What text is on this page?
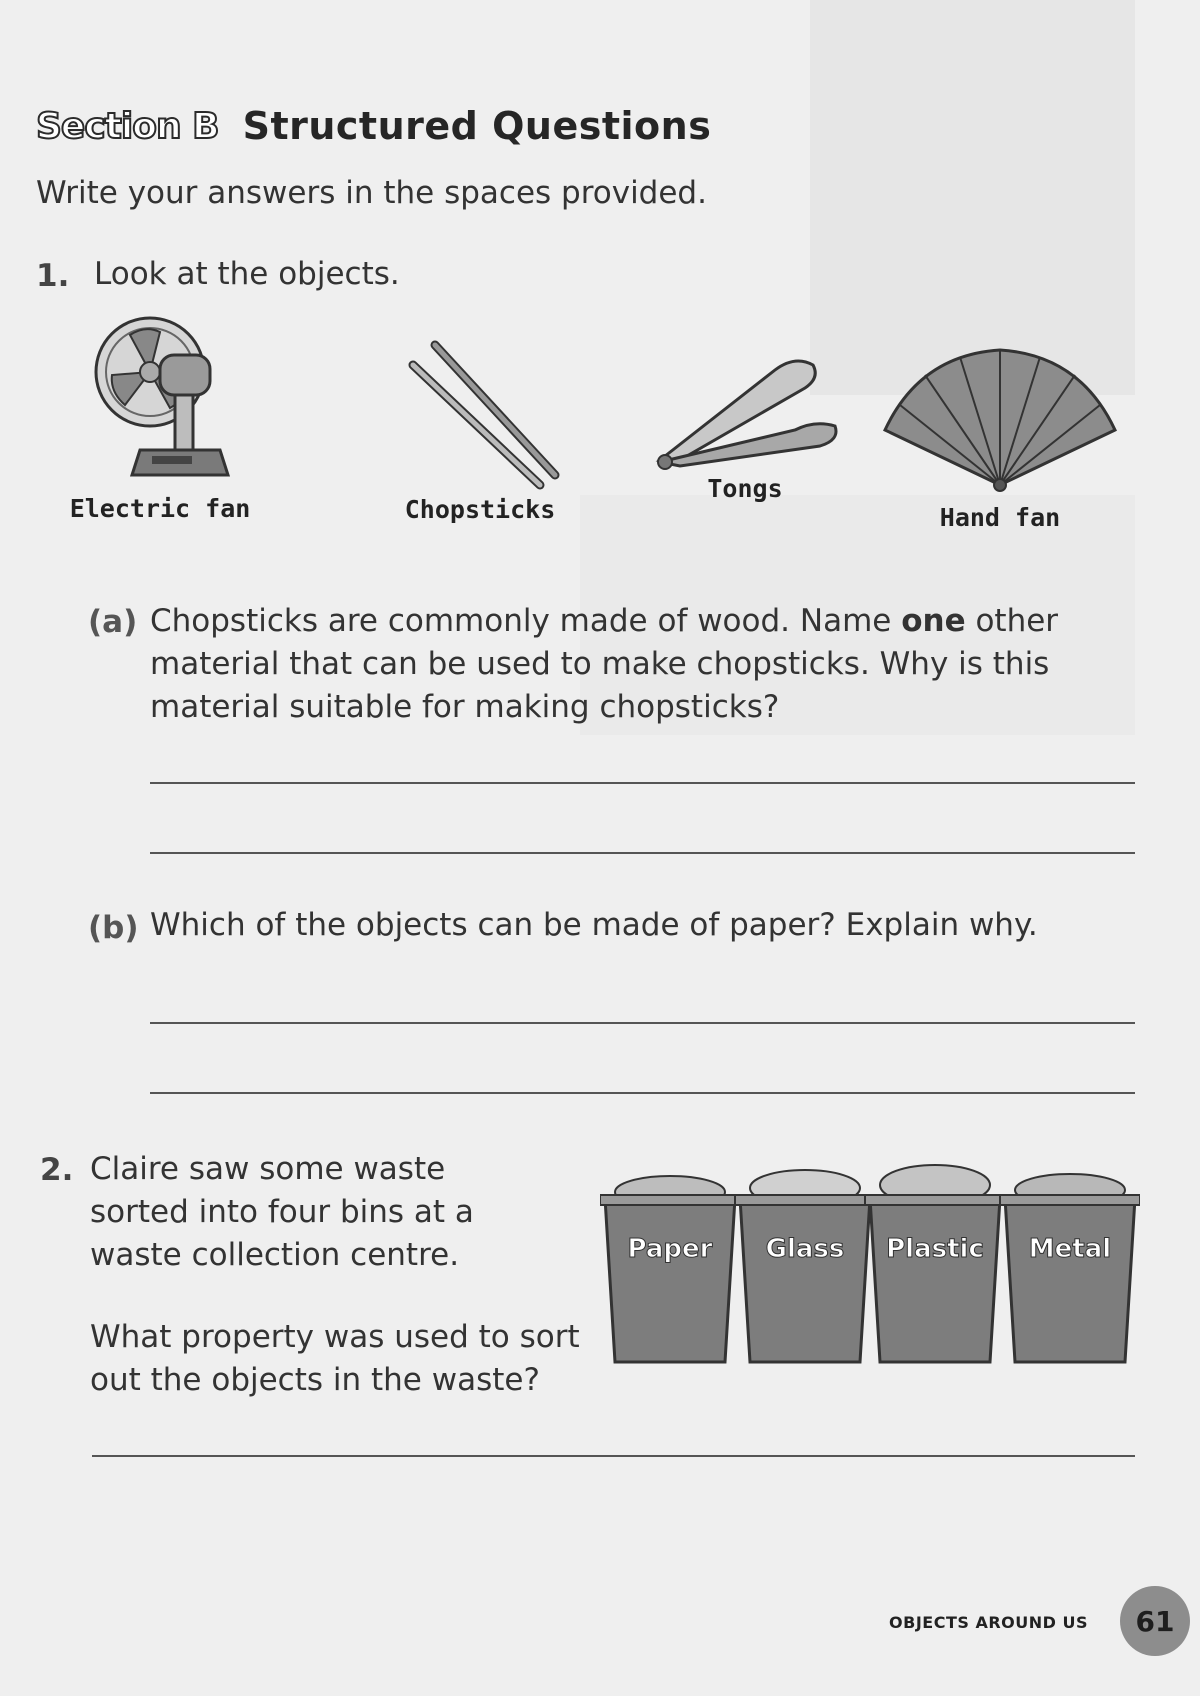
Section B Structured Questions
Write your answers in the spaces provided.
1. Look at the objects.
Electric fan	Chopsticks
Tongs
Hand fan
(a) Chopsticks are commonly made of wood. Name one other
material that can be used to make chopsticks. Why is this
material suitable for making chopsticks?
(b) Which of the objects can be made of paper? Explain why.
2. Claire saw some waste
sorted into four bins at a
waste collection centre.
What property was used to sort
out the objects in the waste?
Paper Glass Plastic Metal
OBJECTS AROUND US	61
